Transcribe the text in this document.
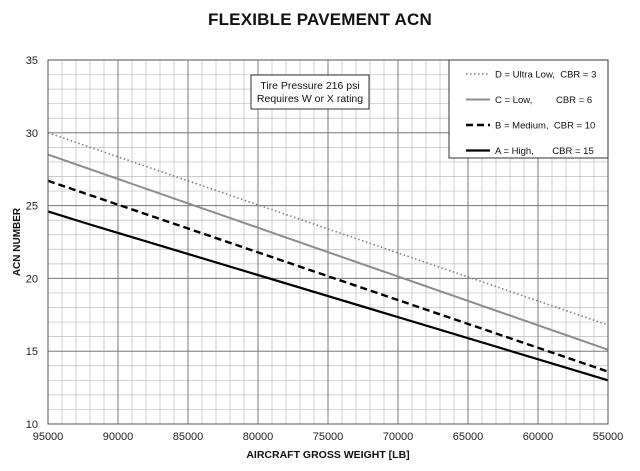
FLEXIBLE PAVEMENT ACN
95000	90000	85000	80000	75000	70000	65000	60000	55000
10
15
20
25
30
35
AIRCRAFT GROSS WEIGHT [LB]
ACN NUMBER
Tire Pressure 216 psi
Requires W or X rating
D = Ultra Low,  CBR = 3
C = Low,         CBR = 6
B = Medium,  CBR = 10
A = High,       CBR = 15
